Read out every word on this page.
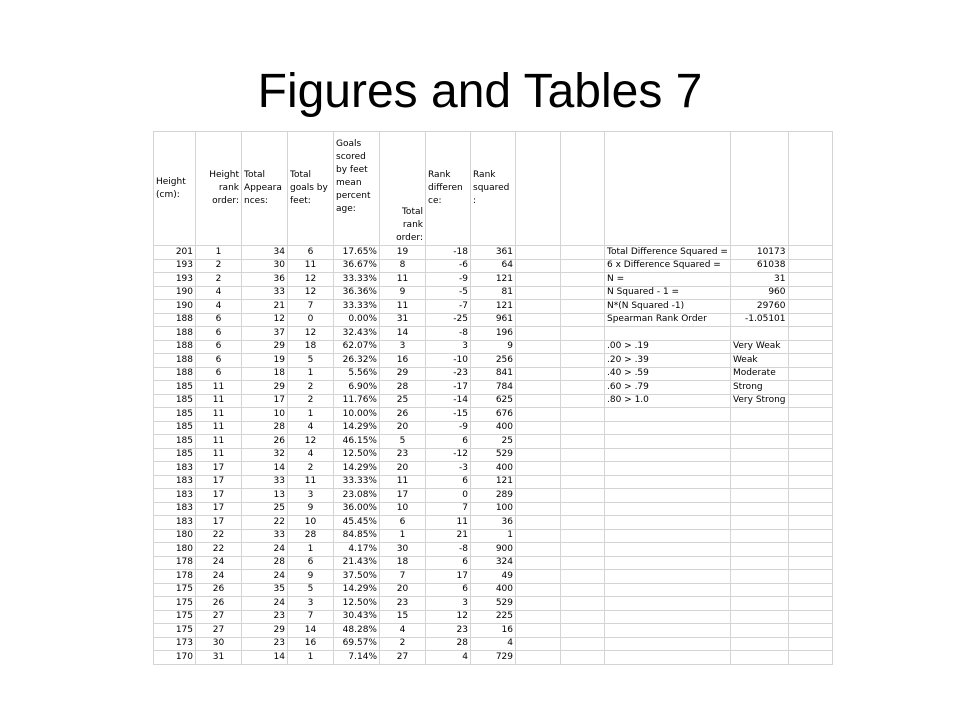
Figures and Tables 7
Height (cm):	Height rank order:	Total Appeara nces:	Total goals by feet:	Goals scored by feet mean percent age:	Total rank order:	Rank differen ce:	Rank squared :					
201	1	34	6	17.65%	19	-18	361			Total Difference Squared =	10173	
193	2	30	11	36.67%	8	-6	64			6 x Difference Squared =	61038	
193	2	36	12	33.33%	11	-9	121			N =	31	
190	4	33	12	36.36%	9	-5	81			N Squared - 1 =	960	
190	4	21	7	33.33%	11	-7	121			N*(N Squared -1)	29760	
188	6	12	0	0.00%	31	-25	961			Spearman Rank Order	-1.05101	
188	6	37	12	32.43%	14	-8	196					
188	6	29	18	62.07%	3	3	9			.00 > .19	Very Weak	
188	6	19	5	26.32%	16	-10	256			.20 > .39	Weak	
188	6	18	1	5.56%	29	-23	841			.40 > .59	Moderate	
185	11	29	2	6.90%	28	-17	784			.60 > .79	Strong	
185	11	17	2	11.76%	25	-14	625			.80 > 1.0	Very Strong	
185	11	10	1	10.00%	26	-15	676					
185	11	28	4	14.29%	20	-9	400					
185	11	26	12	46.15%	5	6	25					
185	11	32	4	12.50%	23	-12	529					
183	17	14	2	14.29%	20	-3	400					
183	17	33	11	33.33%	11	6	121					
183	17	13	3	23.08%	17	0	289					
183	17	25	9	36.00%	10	7	100					
183	17	22	10	45.45%	6	11	36					
180	22	33	28	84.85%	1	21	1					
180	22	24	1	4.17%	30	-8	900					
178	24	28	6	21.43%	18	6	324					
178	24	24	9	37.50%	7	17	49					
175	26	35	5	14.29%	20	6	400					
175	26	24	3	12.50%	23	3	529					
175	27	23	7	30.43%	15	12	225					
175	27	29	14	48.28%	4	23	16					
173	30	23	16	69.57%	2	28	4					
170	31	14	1	7.14%	27	4	729					
